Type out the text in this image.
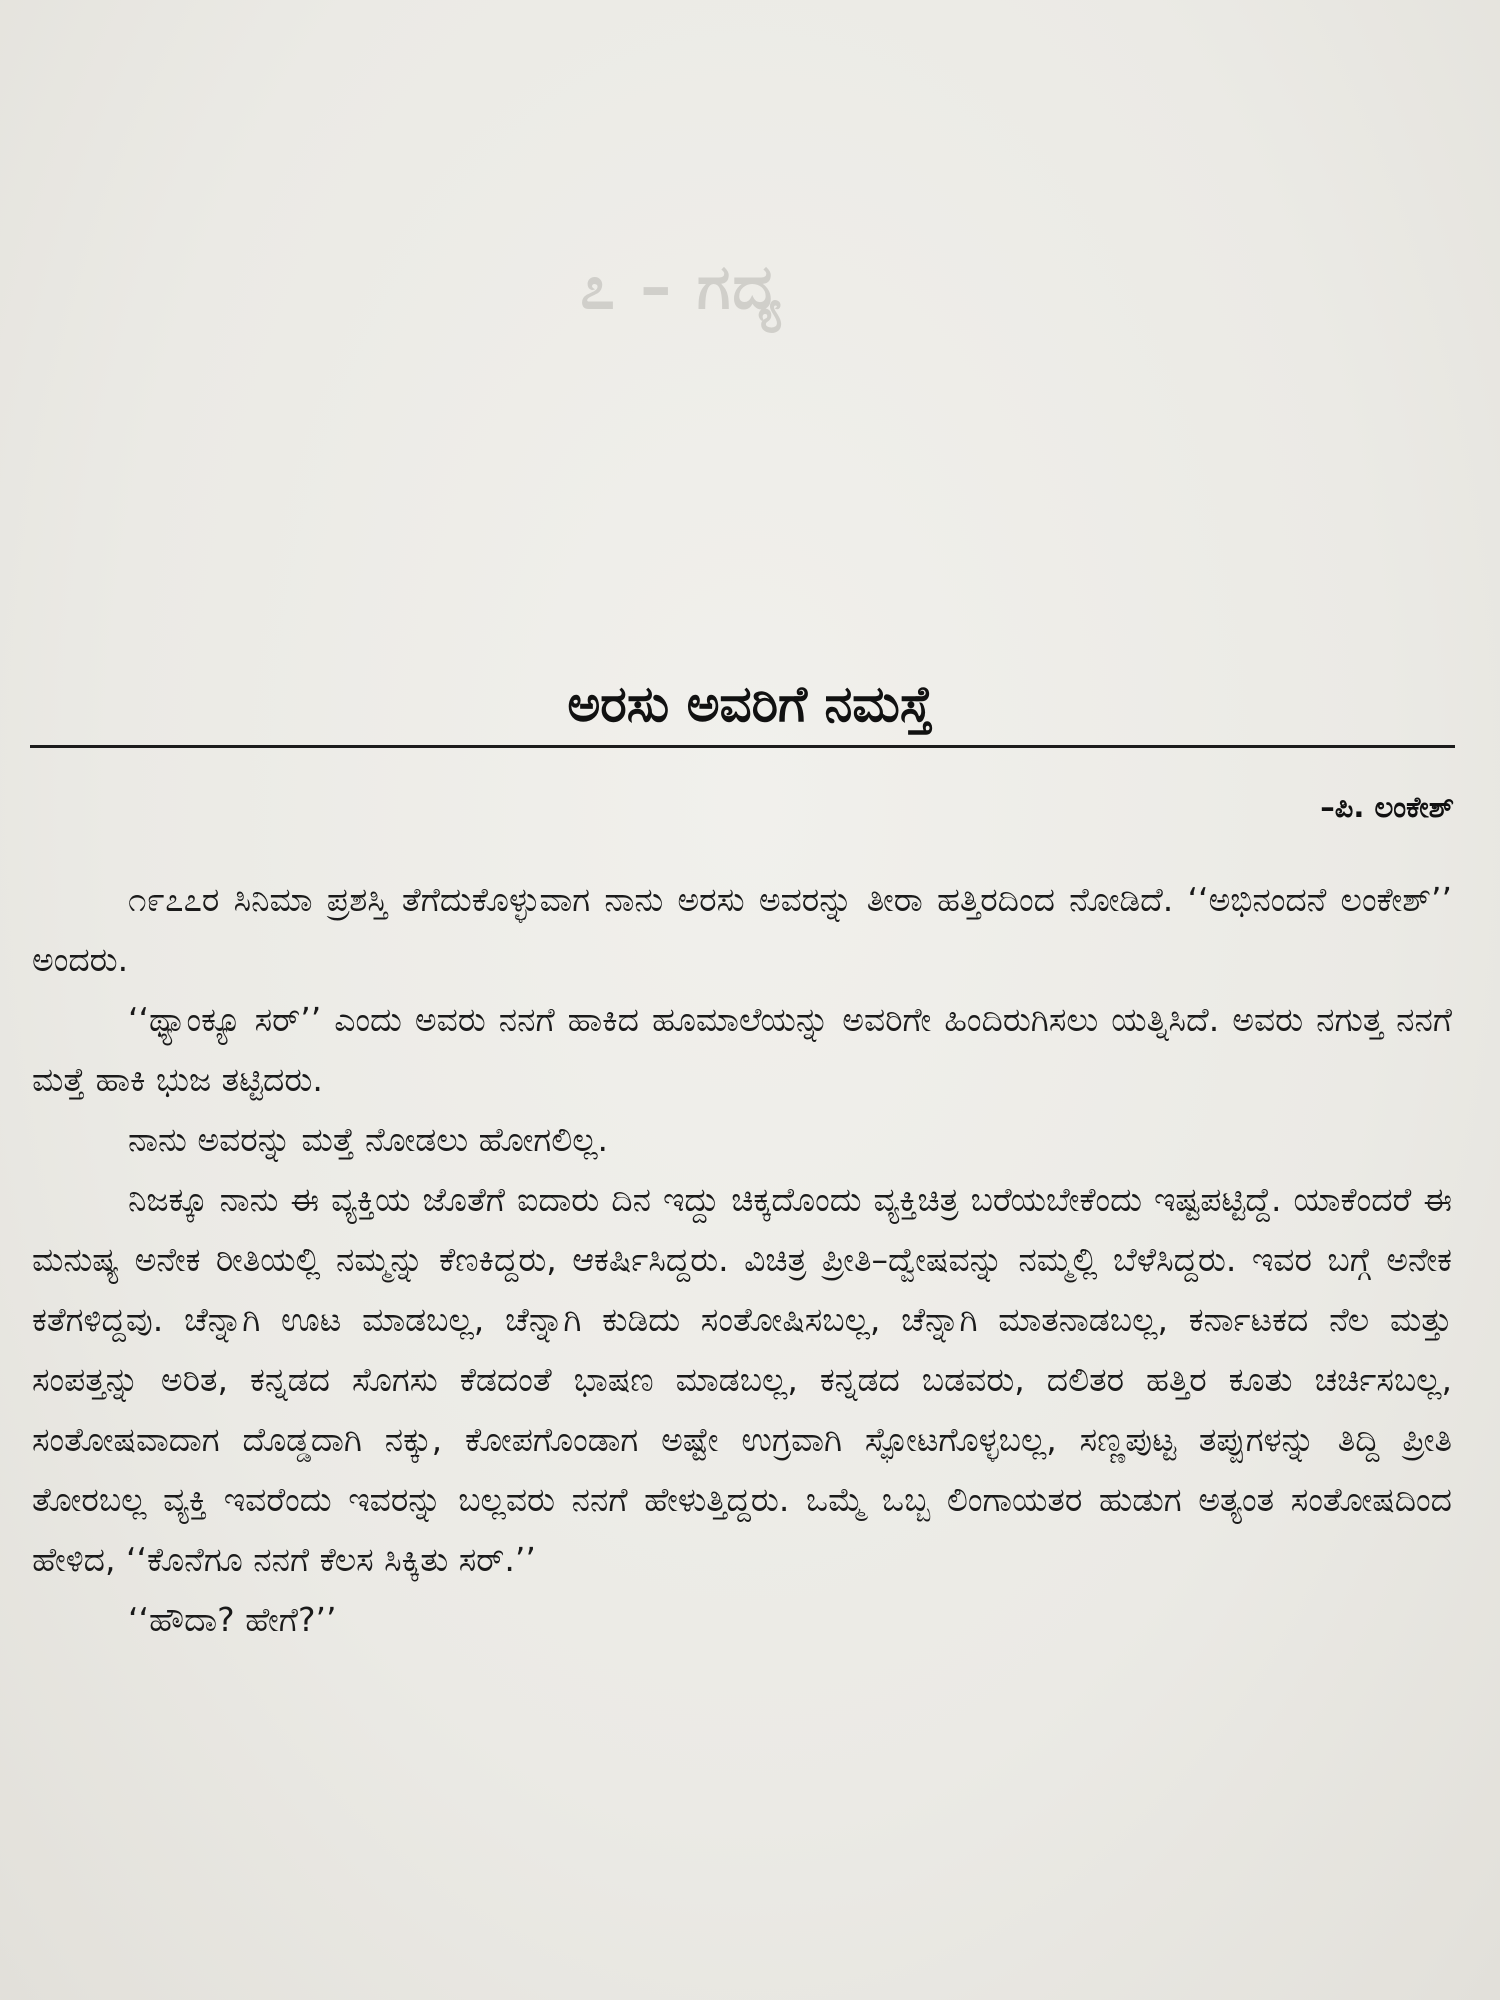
೭ – ಗದ್ಯ
ಅರಸು ಅವರಿಗೆ ನಮಸ್ತೆ
–ಪಿ. ಲಂಕೇಶ್

೧೯೭೭ರ ಸಿನಿಮಾ ಪ್ರಶಸ್ತಿ ತೆಗೆದುಕೊಳ್ಳುವಾಗ ನಾನು ಅರಸು ಅವರನ್ನು ತೀರಾ ಹತ್ತಿರದಿಂದ ನೋಡಿದೆ. ‘‘ಅಭಿನಂದನೆ ಲಂಕೇಶ್’’ ಅಂದರು.

‘‘ಥ್ಯಾಂಕ್ಯೂ ಸರ್’’ ಎಂದು ಅವರು ನನಗೆ ಹಾಕಿದ ಹೂಮಾಲೆಯನ್ನು ಅವರಿಗೇ ಹಿಂದಿರುಗಿಸಲು ಯತ್ನಿಸಿದೆ. ಅವರು ನಗುತ್ತ ನನಗೆ ಮತ್ತೆ ಹಾಕಿ ಭುಜ ತಟ್ಟಿದರು.

ನಾನು ಅವರನ್ನು ಮತ್ತೆ ನೋಡಲು ಹೋಗಲಿಲ್ಲ.

ನಿಜಕ್ಕೂ ನಾನು ಈ ವ್ಯಕ್ತಿಯ ಜೊತೆಗೆ ಐದಾರು ದಿನ ಇದ್ದು ಚಿಕ್ಕದೊಂದು ವ್ಯಕ್ತಿಚಿತ್ರ ಬರೆಯಬೇಕೆಂದು ಇಷ್ಟಪಟ್ಟಿದ್ದೆ. ಯಾಕೆಂದರೆ ಈ ಮನುಷ್ಯ ಅನೇಕ ರೀತಿಯಲ್ಲಿ ನಮ್ಮನ್ನು ಕೆಣಕಿದ್ದರು, ಆಕರ್ಷಿಸಿದ್ದರು. ವಿಚಿತ್ರ ಪ್ರೀತಿ–ದ್ವೇಷವನ್ನು ನಮ್ಮಲ್ಲಿ ಬೆಳೆಸಿದ್ದರು. ಇವರ ಬಗ್ಗೆ ಅನೇಕ ಕತೆಗಳಿದ್ದವು. ಚೆನ್ನಾಗಿ ಊಟ ಮಾಡಬಲ್ಲ, ಚೆನ್ನಾಗಿ ಕುಡಿದು ಸಂತೋಷಿಸಬಲ್ಲ, ಚೆನ್ನಾಗಿ ಮಾತನಾಡಬಲ್ಲ, ಕರ್ನಾಟಕದ ನೆಲ ಮತ್ತು ಸಂಪತ್ತನ್ನು ಅರಿತ, ಕನ್ನಡದ ಸೊಗಸು ಕೆಡದಂತೆ ಭಾಷಣ ಮಾಡಬಲ್ಲ, ಕನ್ನಡದ ಬಡವರು, ದಲಿತರ ಹತ್ತಿರ ಕೂತು ಚರ್ಚಿಸಬಲ್ಲ, ಸಂತೋಷವಾದಾಗ ದೊಡ್ಡದಾಗಿ ನಕ್ಕು, ಕೋಪಗೊಂಡಾಗ ಅಷ್ಟೇ ಉಗ್ರವಾಗಿ ಸ್ಫೋಟಗೊಳ್ಳಬಲ್ಲ, ಸಣ್ಣಪುಟ್ಟ ತಪ್ಪುಗಳನ್ನು ತಿದ್ದಿ ಪ್ರೀತಿ ತೋರಬಲ್ಲ ವ್ಯಕ್ತಿ ಇವರೆಂದು ಇವರನ್ನು ಬಲ್ಲವರು ನನಗೆ ಹೇಳುತ್ತಿದ್ದರು. ಒಮ್ಮೆ ಒಬ್ಬ ಲಿಂಗಾಯತರ ಹುಡುಗ ಅತ್ಯಂತ ಸಂತೋಷದಿಂದ ಹೇಳಿದ, ‘‘ಕೊನೆಗೂ ನನಗೆ ಕೆಲಸ ಸಿಕ್ಕಿತು ಸರ್.’’

‘‘ಹೌದಾ? ಹೇಗೆ?’’
